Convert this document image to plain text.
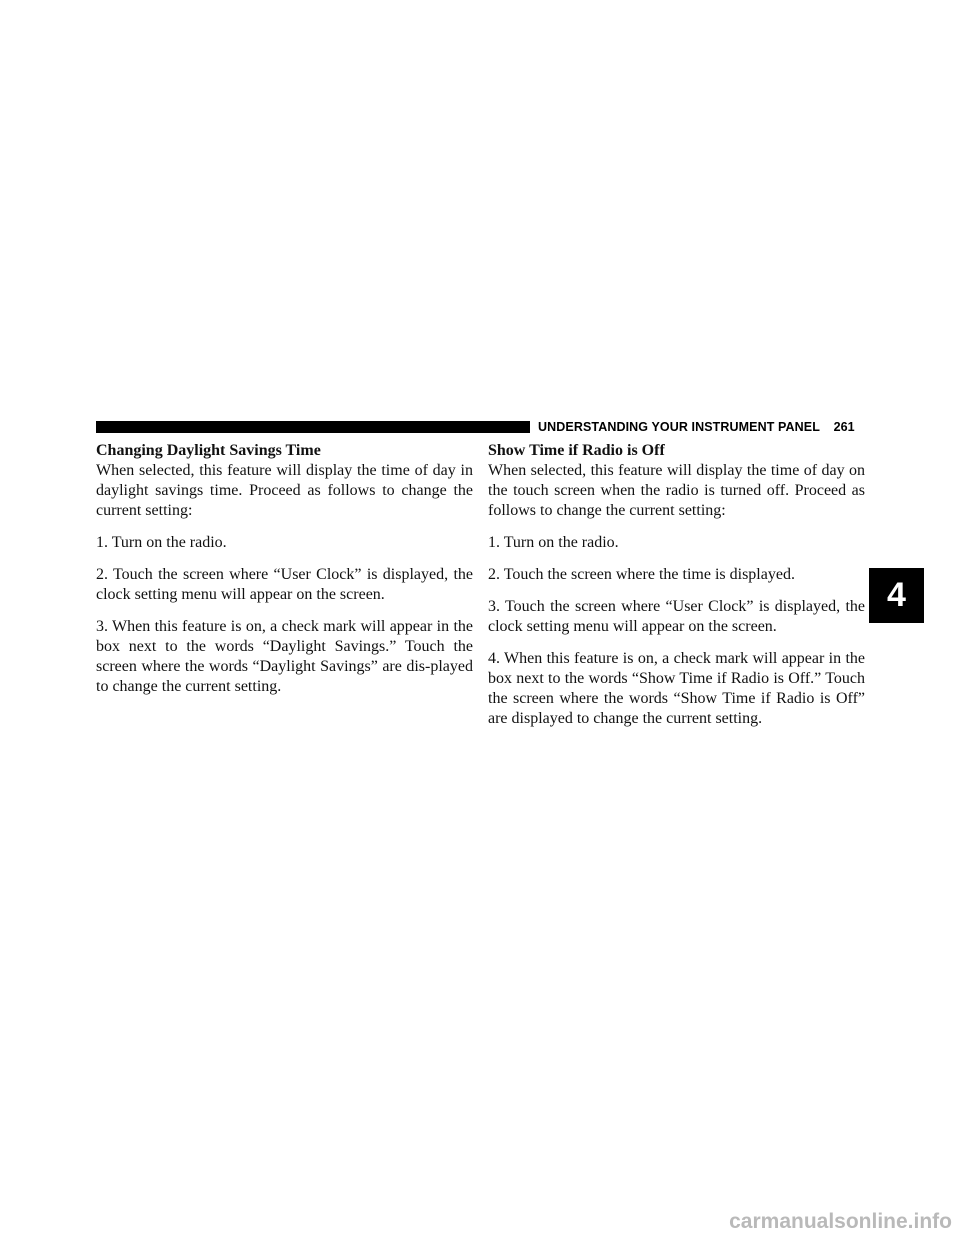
UNDERSTANDING YOUR INSTRUMENT PANEL 261
Changing Daylight Savings Time

When selected, this feature will display the time of day in daylight savings time. Proceed as follows to change the current setting:

1. Turn on the radio.

2. Touch the screen where “User Clock” is displayed, the clock setting menu will appear on the screen.

3. When this feature is on, a check mark will appear in the box next to the words “Daylight Savings.” Touch the screen where the words “Daylight Savings” are dis-played to change the current setting.

Show Time if Radio is Off

When selected, this feature will display the time of day on the touch screen when the radio is turned off. Proceed as follows to change the current setting:

1. Turn on the radio.

2. Touch the screen where the time is displayed.

3. Touch the screen where “User Clock” is displayed, the clock setting menu will appear on the screen.

4. When this feature is on, a check mark will appear in the box next to the words “Show Time if Radio is Off.” Touch the screen where the words “Show Time if Radio is Off” are displayed to change the current setting.

4
carmanualsonline.info
